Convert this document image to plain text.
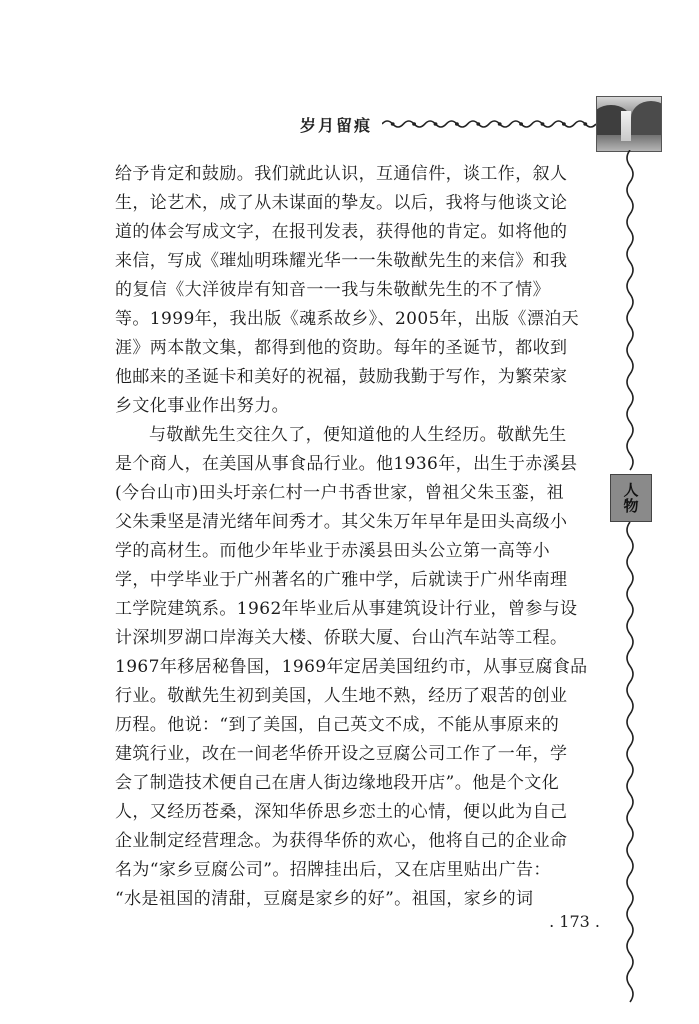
岁月留痕
人
物
给予肯定和鼓励。我们就此认识，互通信件，谈工作，叙人
生，论艺术，成了从未谋面的挚友。以后，我将与他谈文论
道的体会写成文字，在报刊发表，获得他的肯定。如将他的
来信，写成《璀灿明珠耀光华一一朱敬猷先生的来信》和我
的复信《大洋彼岸有知音一一我与朱敬猷先生的不了情》
等。1999年，我出版《魂系故乡》、2005年，出版《漂泊天
涯》两本散文集，都得到他的资助。每年的圣诞节，都收到
他邮来的圣诞卡和美好的祝福，鼓励我勤于写作，为繁荣家
乡文化事业作出努力。
与敬猷先生交往久了，便知道他的人生经历。敬猷先生
是个商人，在美国从事食品行业。他1936年，出生于赤溪县
(今台山市)田头圩亲仁村一户书香世家，曾祖父朱玉銮，祖
父朱秉坚是清光绪年间秀才。其父朱万年早年是田头高级小
学的高材生。而他少年毕业于赤溪县田头公立第一高等小
学，中学毕业于广州著名的广雅中学，后就读于广州华南理
工学院建筑系。1962年毕业后从事建筑设计行业，曾参与设
计深圳罗湖口岸海关大楼、侨联大厦、台山汽车站等工程。
1967年移居秘鲁国，1969年定居美国纽约市，从事豆腐食品
行业。敬猷先生初到美国，人生地不熟，经历了艰苦的创业
历程。他说：“到了美国，自己英文不成，不能从事原来的
建筑行业，改在一间老华侨开设之豆腐公司工作了一年，学
会了制造技术便自己在唐人街边缘地段开店”。他是个文化
人，又经历苍桑，深知华侨思乡恋土的心情，便以此为自己
企业制定经营理念。为获得华侨的欢心，他将自己的企业命
名为“家乡豆腐公司”。招牌挂出后，又在店里贴出广告：
“水是祖国的清甜，豆腐是家乡的好”。祖国，家乡的词
. 173 .
